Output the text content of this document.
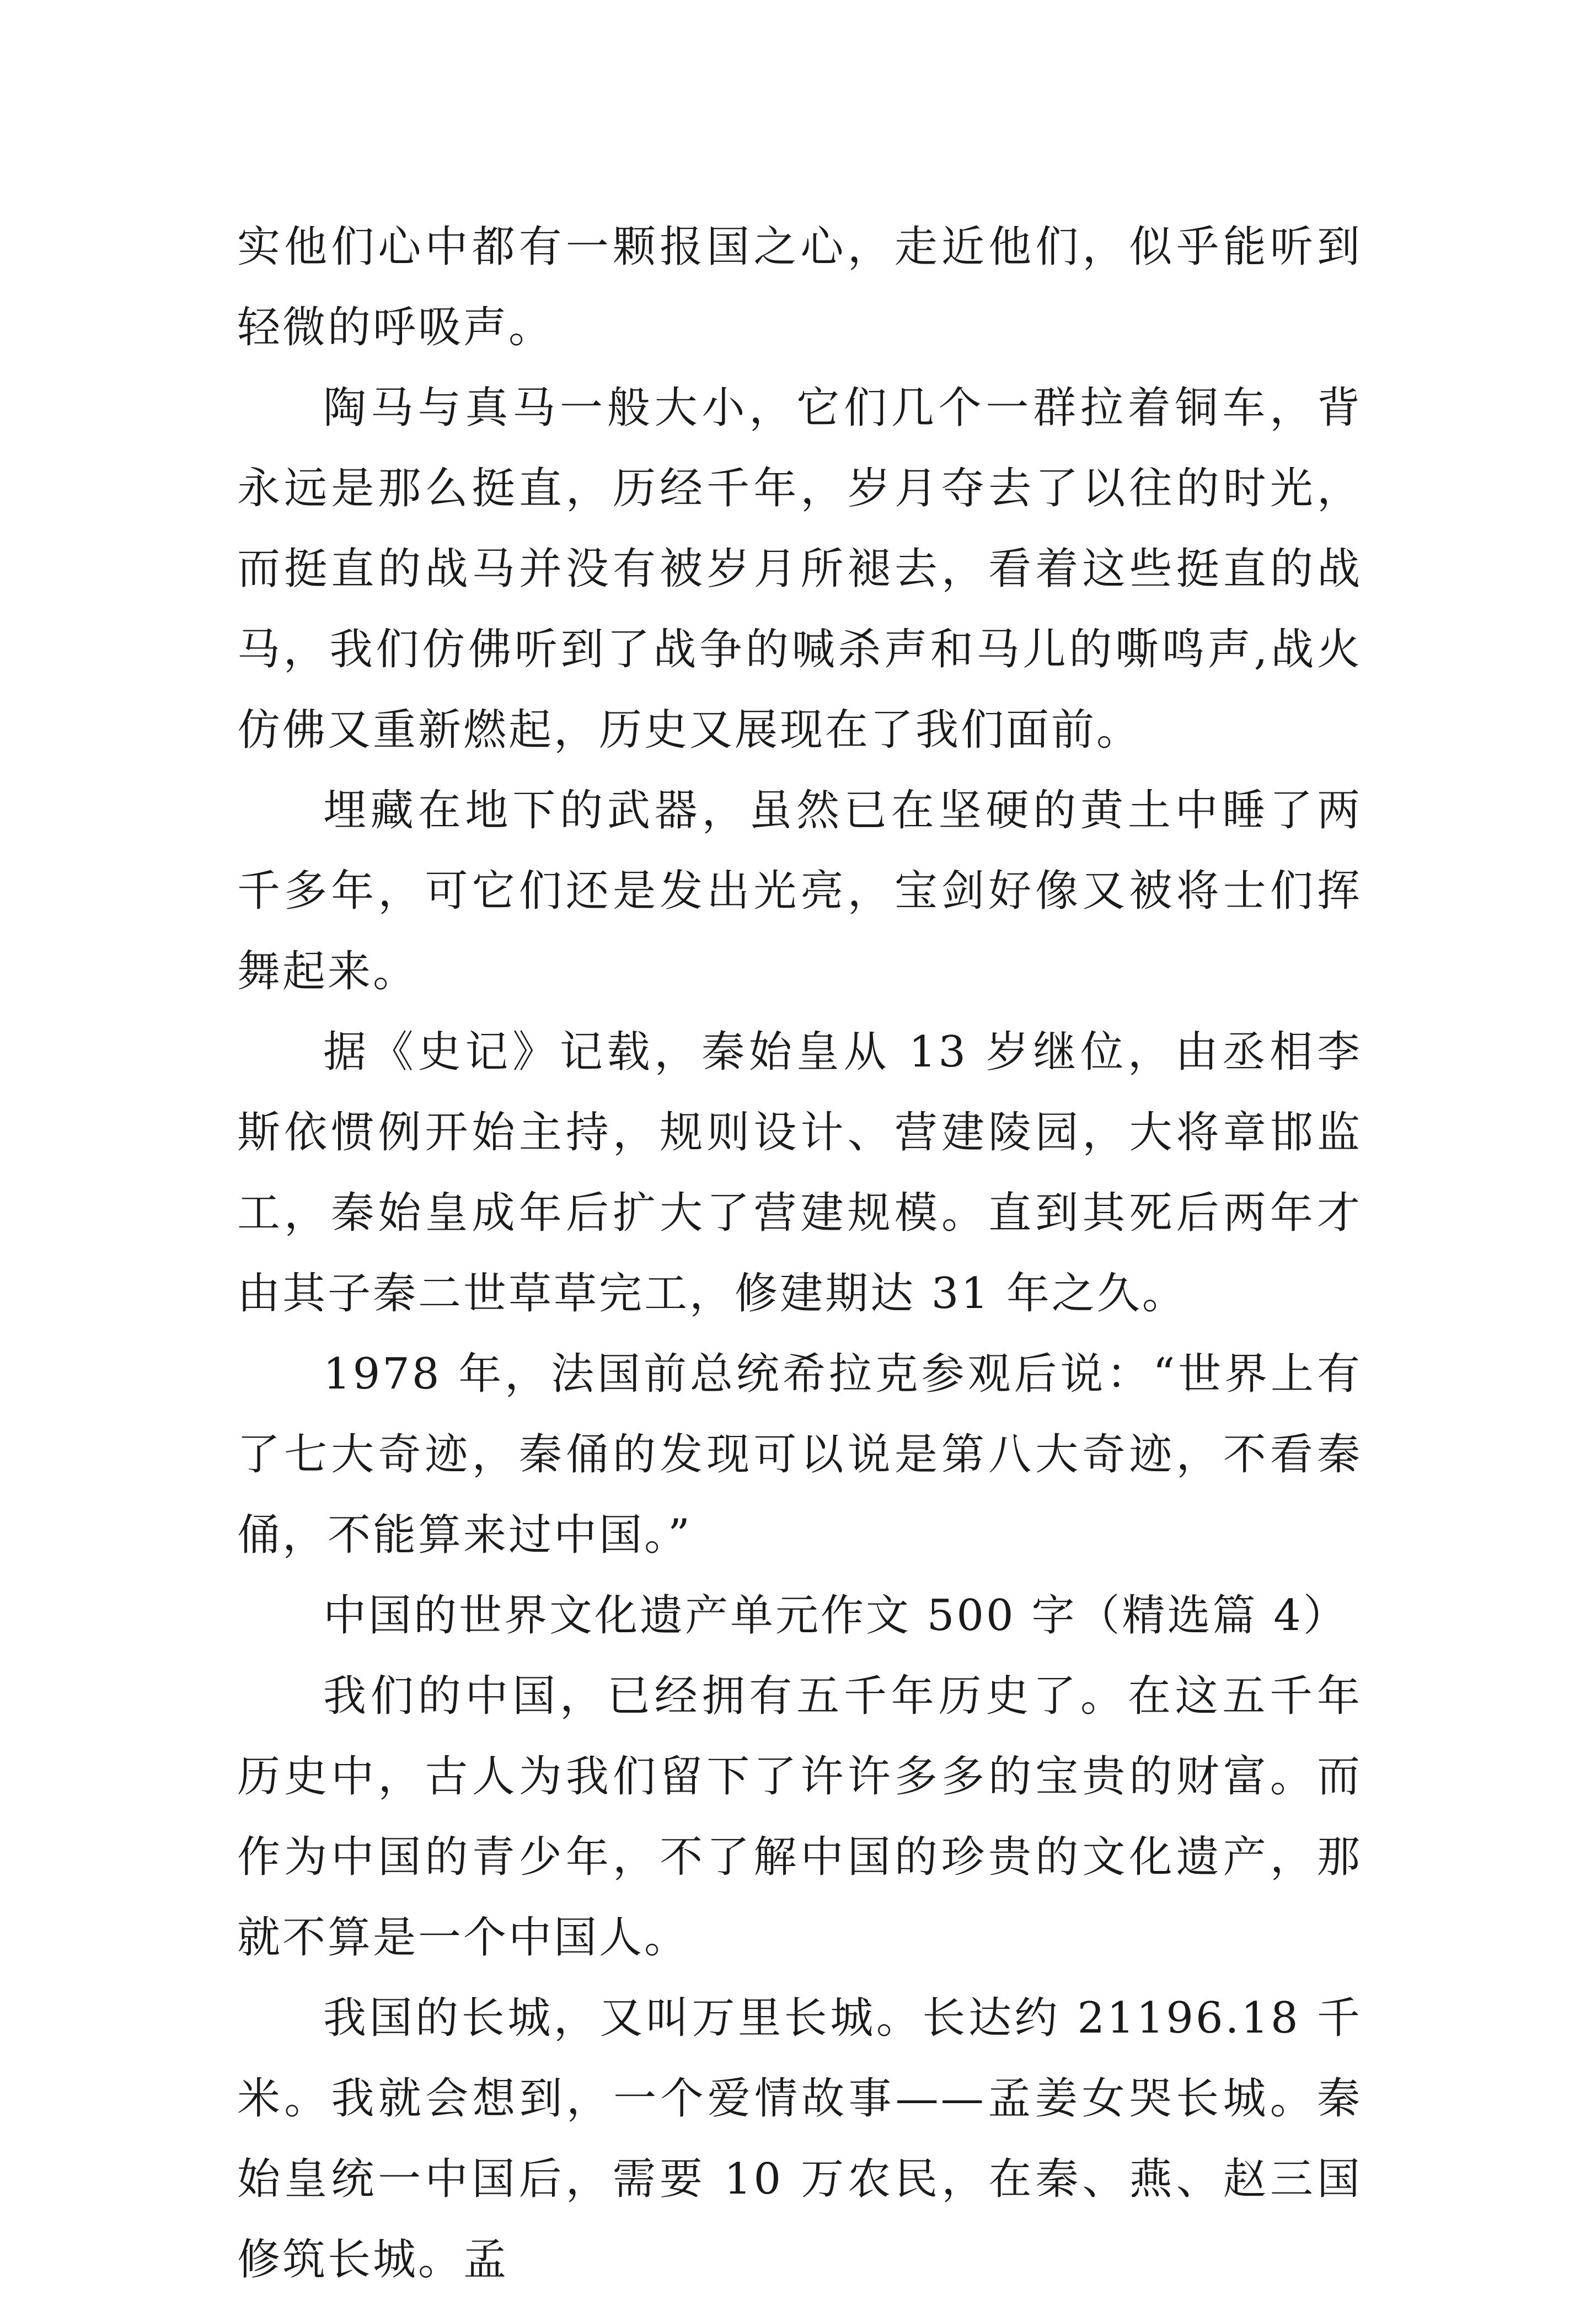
实他们心中都有一颗报国之心，走近他们，似乎能听到轻微的呼吸声。

陶马与真马一般大小，它们几个一群拉着铜车，背永远是那么挺直，历经千年，岁月夺去了以往的时光，而挺直的战马并没有被岁月所褪去，看着这些挺直的战马，我们仿佛听到了战争的喊杀声和马儿的嘶鸣声,战火仿佛又重新燃起，历史又展现在了我们面前。

埋藏在地下的武器，虽然已在坚硬的黄土中睡了两千多年，可它们还是发出光亮，宝剑好像又被将士们挥舞起来。

据《史记》记载，秦始皇从 13 岁继位，由丞相李斯依惯例开始主持，规则设计、营建陵园，大将章邯监工，秦始皇成年后扩大了营建规模。直到其死后两年才由其子秦二世草草完工，修建期达 31 年之久。

1978 年，法国前总统希拉克参观后说：“世界上有了七大奇迹，秦俑的发现可以说是第八大奇迹，不看秦俑，不能算来过中国。”

中国的世界文化遗产单元作文 500 字（精选篇 4）

我们的中国，已经拥有五千年历史了。在这五千年历史中，古人为我们留下了许许多多的宝贵的财富。而作为中国的青少年，不了解中国的珍贵的文化遗产，那就不算是一个中国人。

我国的长城，又叫万里长城。长达约 21196.18 千米。我就会想到，一个爱情故事——孟姜女哭长城。秦始皇统一中国后，需要 10 万农民，在秦、燕、赵三国修筑长城。孟
